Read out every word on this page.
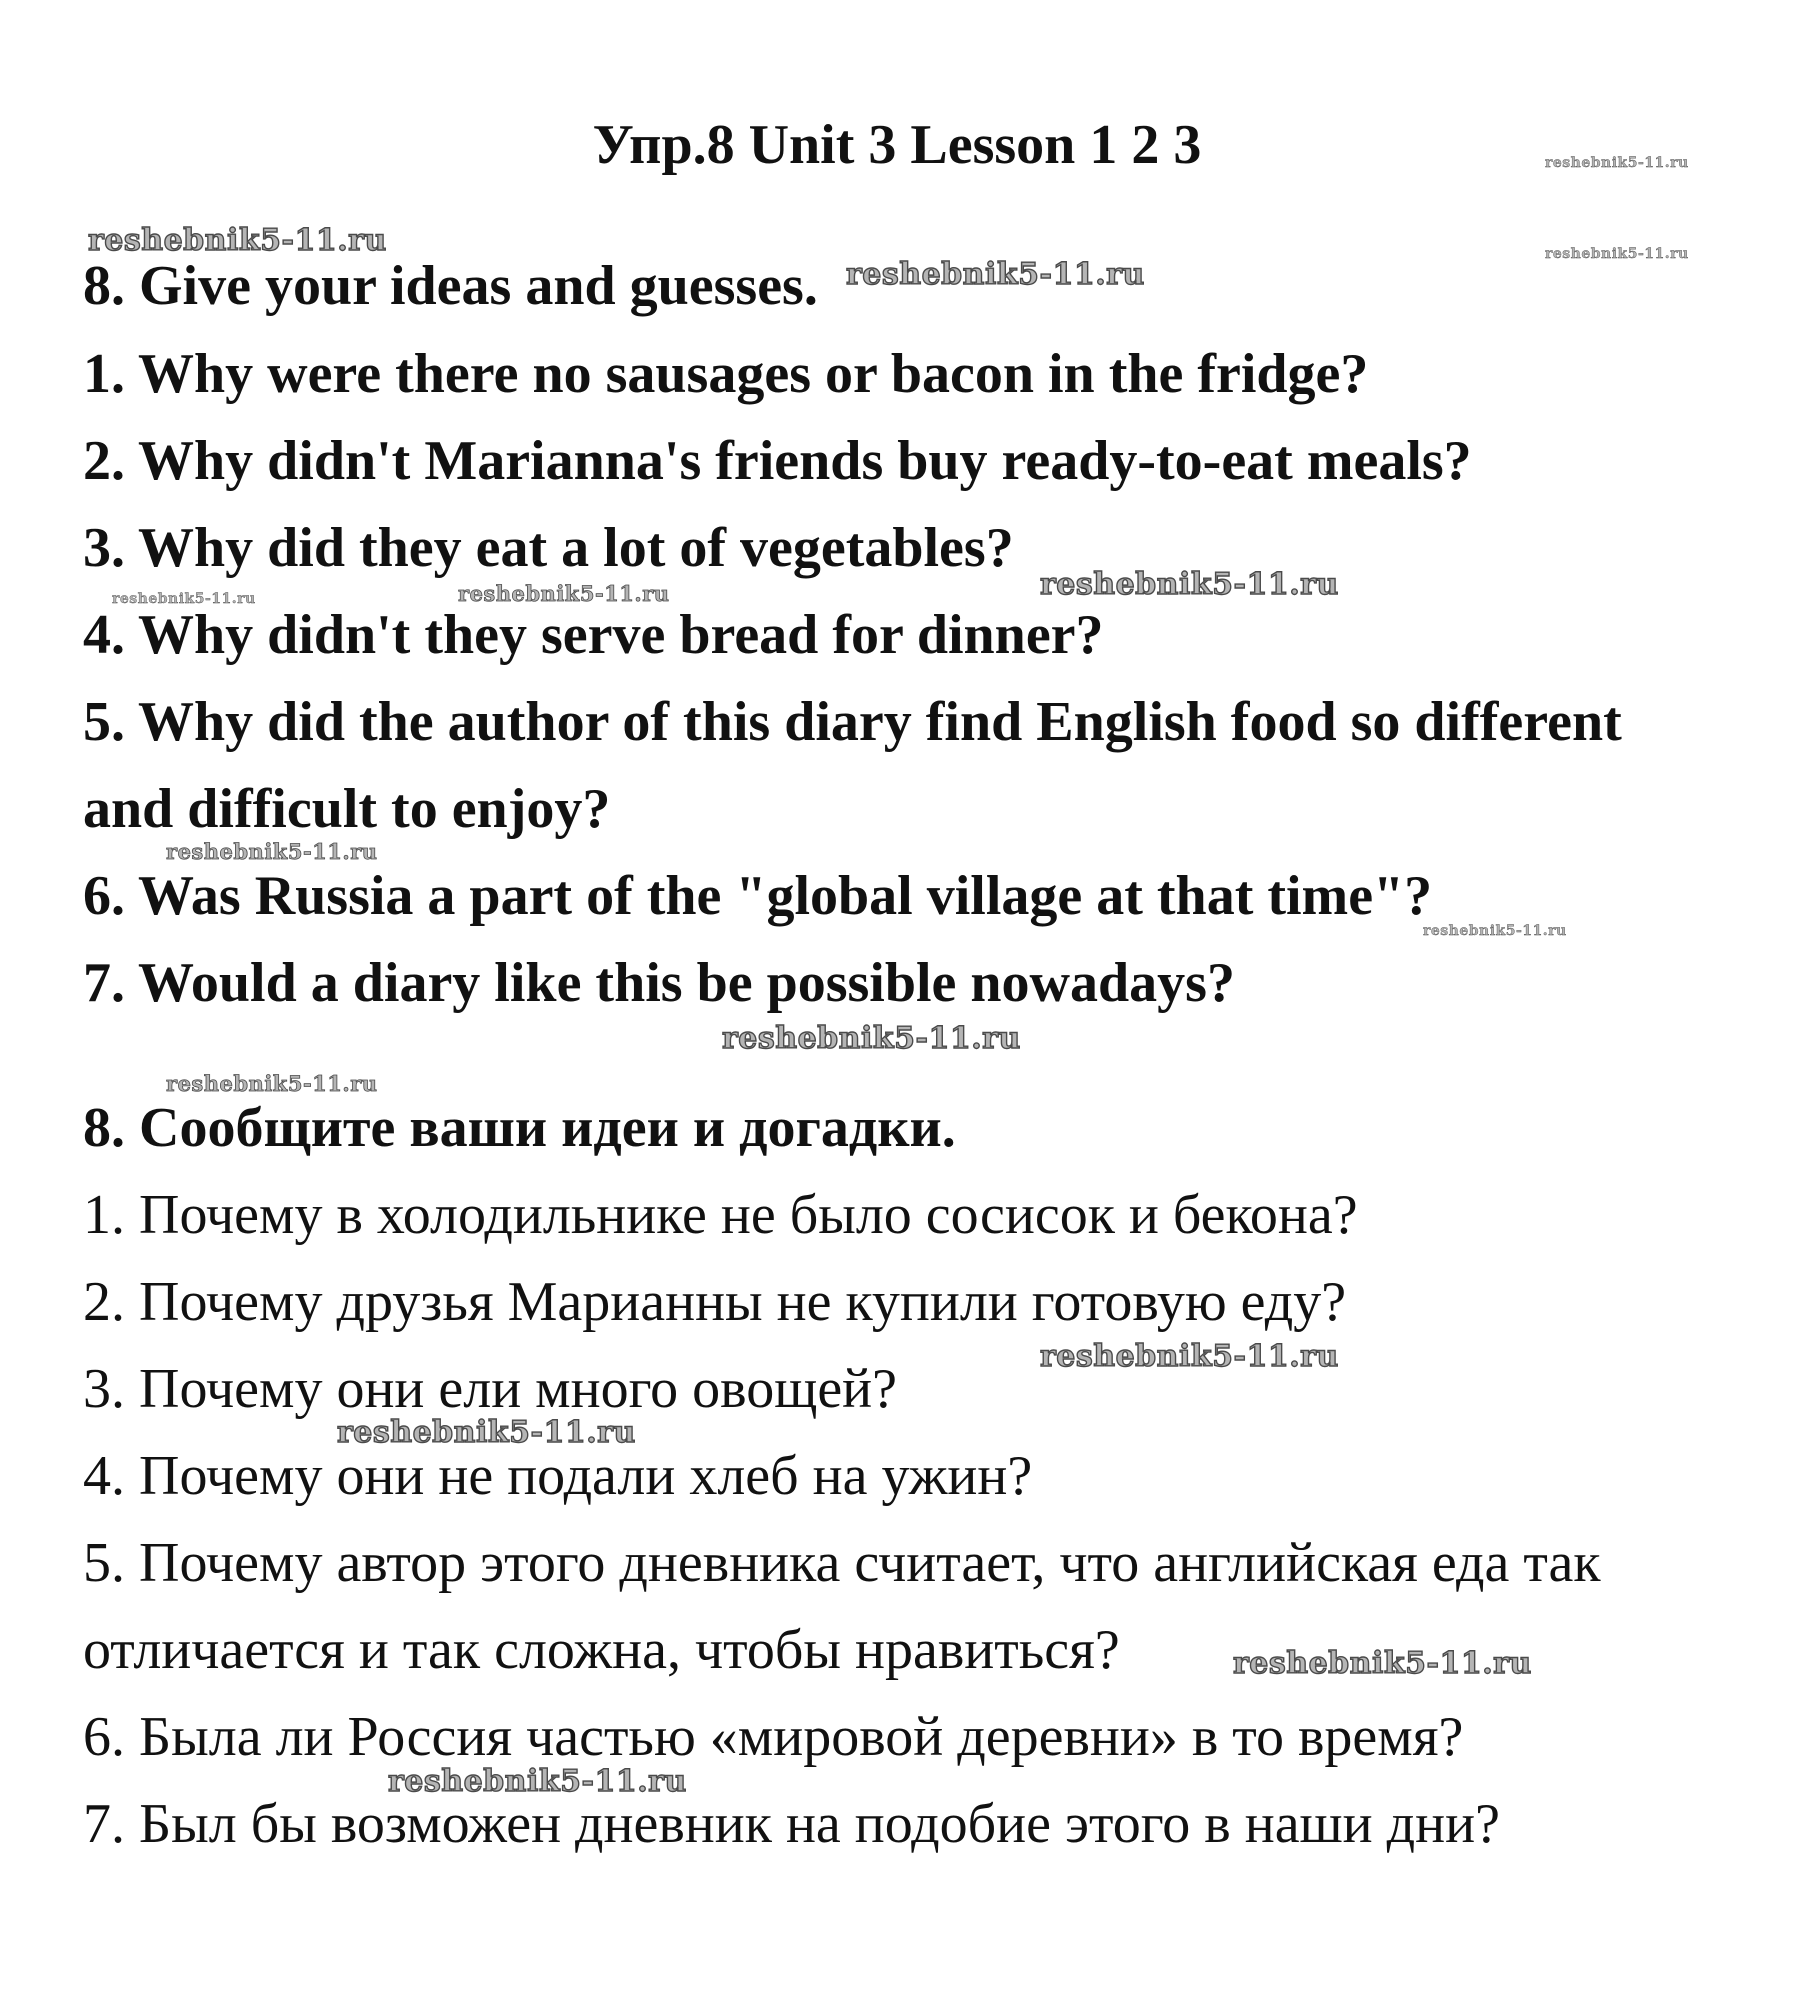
Упр.8 Unit 3 Lesson 1 2 3
8. Give your ideas and guesses.
1. Why were there no sausages or bacon in the fridge?
2. Why didn't Marianna's friends buy ready-to-eat meals?
3. Why did they eat a lot of vegetables?
4. Why didn't they serve bread for dinner?
5. Why did the author of this diary find English food so different
and difficult to enjoy?
6. Was Russia a part of the "global village at that time"?
7. Would a diary like this be possible nowadays?
8. Сообщите ваши идеи и догадки.
1. Почему в холодильнике не было сосисок и бекона?
2. Почему друзья Марианны не купили готовую еду?
3. Почему они ели много овощей?
4. Почему они не подали хлеб на ужин?
5. Почему автор этого дневника считает, что английская еда так
отличается и так сложна, чтобы нравиться?
6. Была ли Россия частью «мировой деревни» в то время?
7. Был бы возможен дневник на подобие этого в наши дни?
reshebnik5-11.ru
reshebnik5-11.ru
reshebnik5-11.ru
reshebnik5-11.ru
reshebnik5-11.ru	reshebnik5-11.ru	reshebnik5-11.ru
reshebnik5-11.ru
reshebnik5-11.ru
reshebnik5-11.ru
reshebnik5-11.ru
reshebnik5-11.ru
reshebnik5-11.ru
reshebnik5-11.ru
reshebnik5-11.ru
